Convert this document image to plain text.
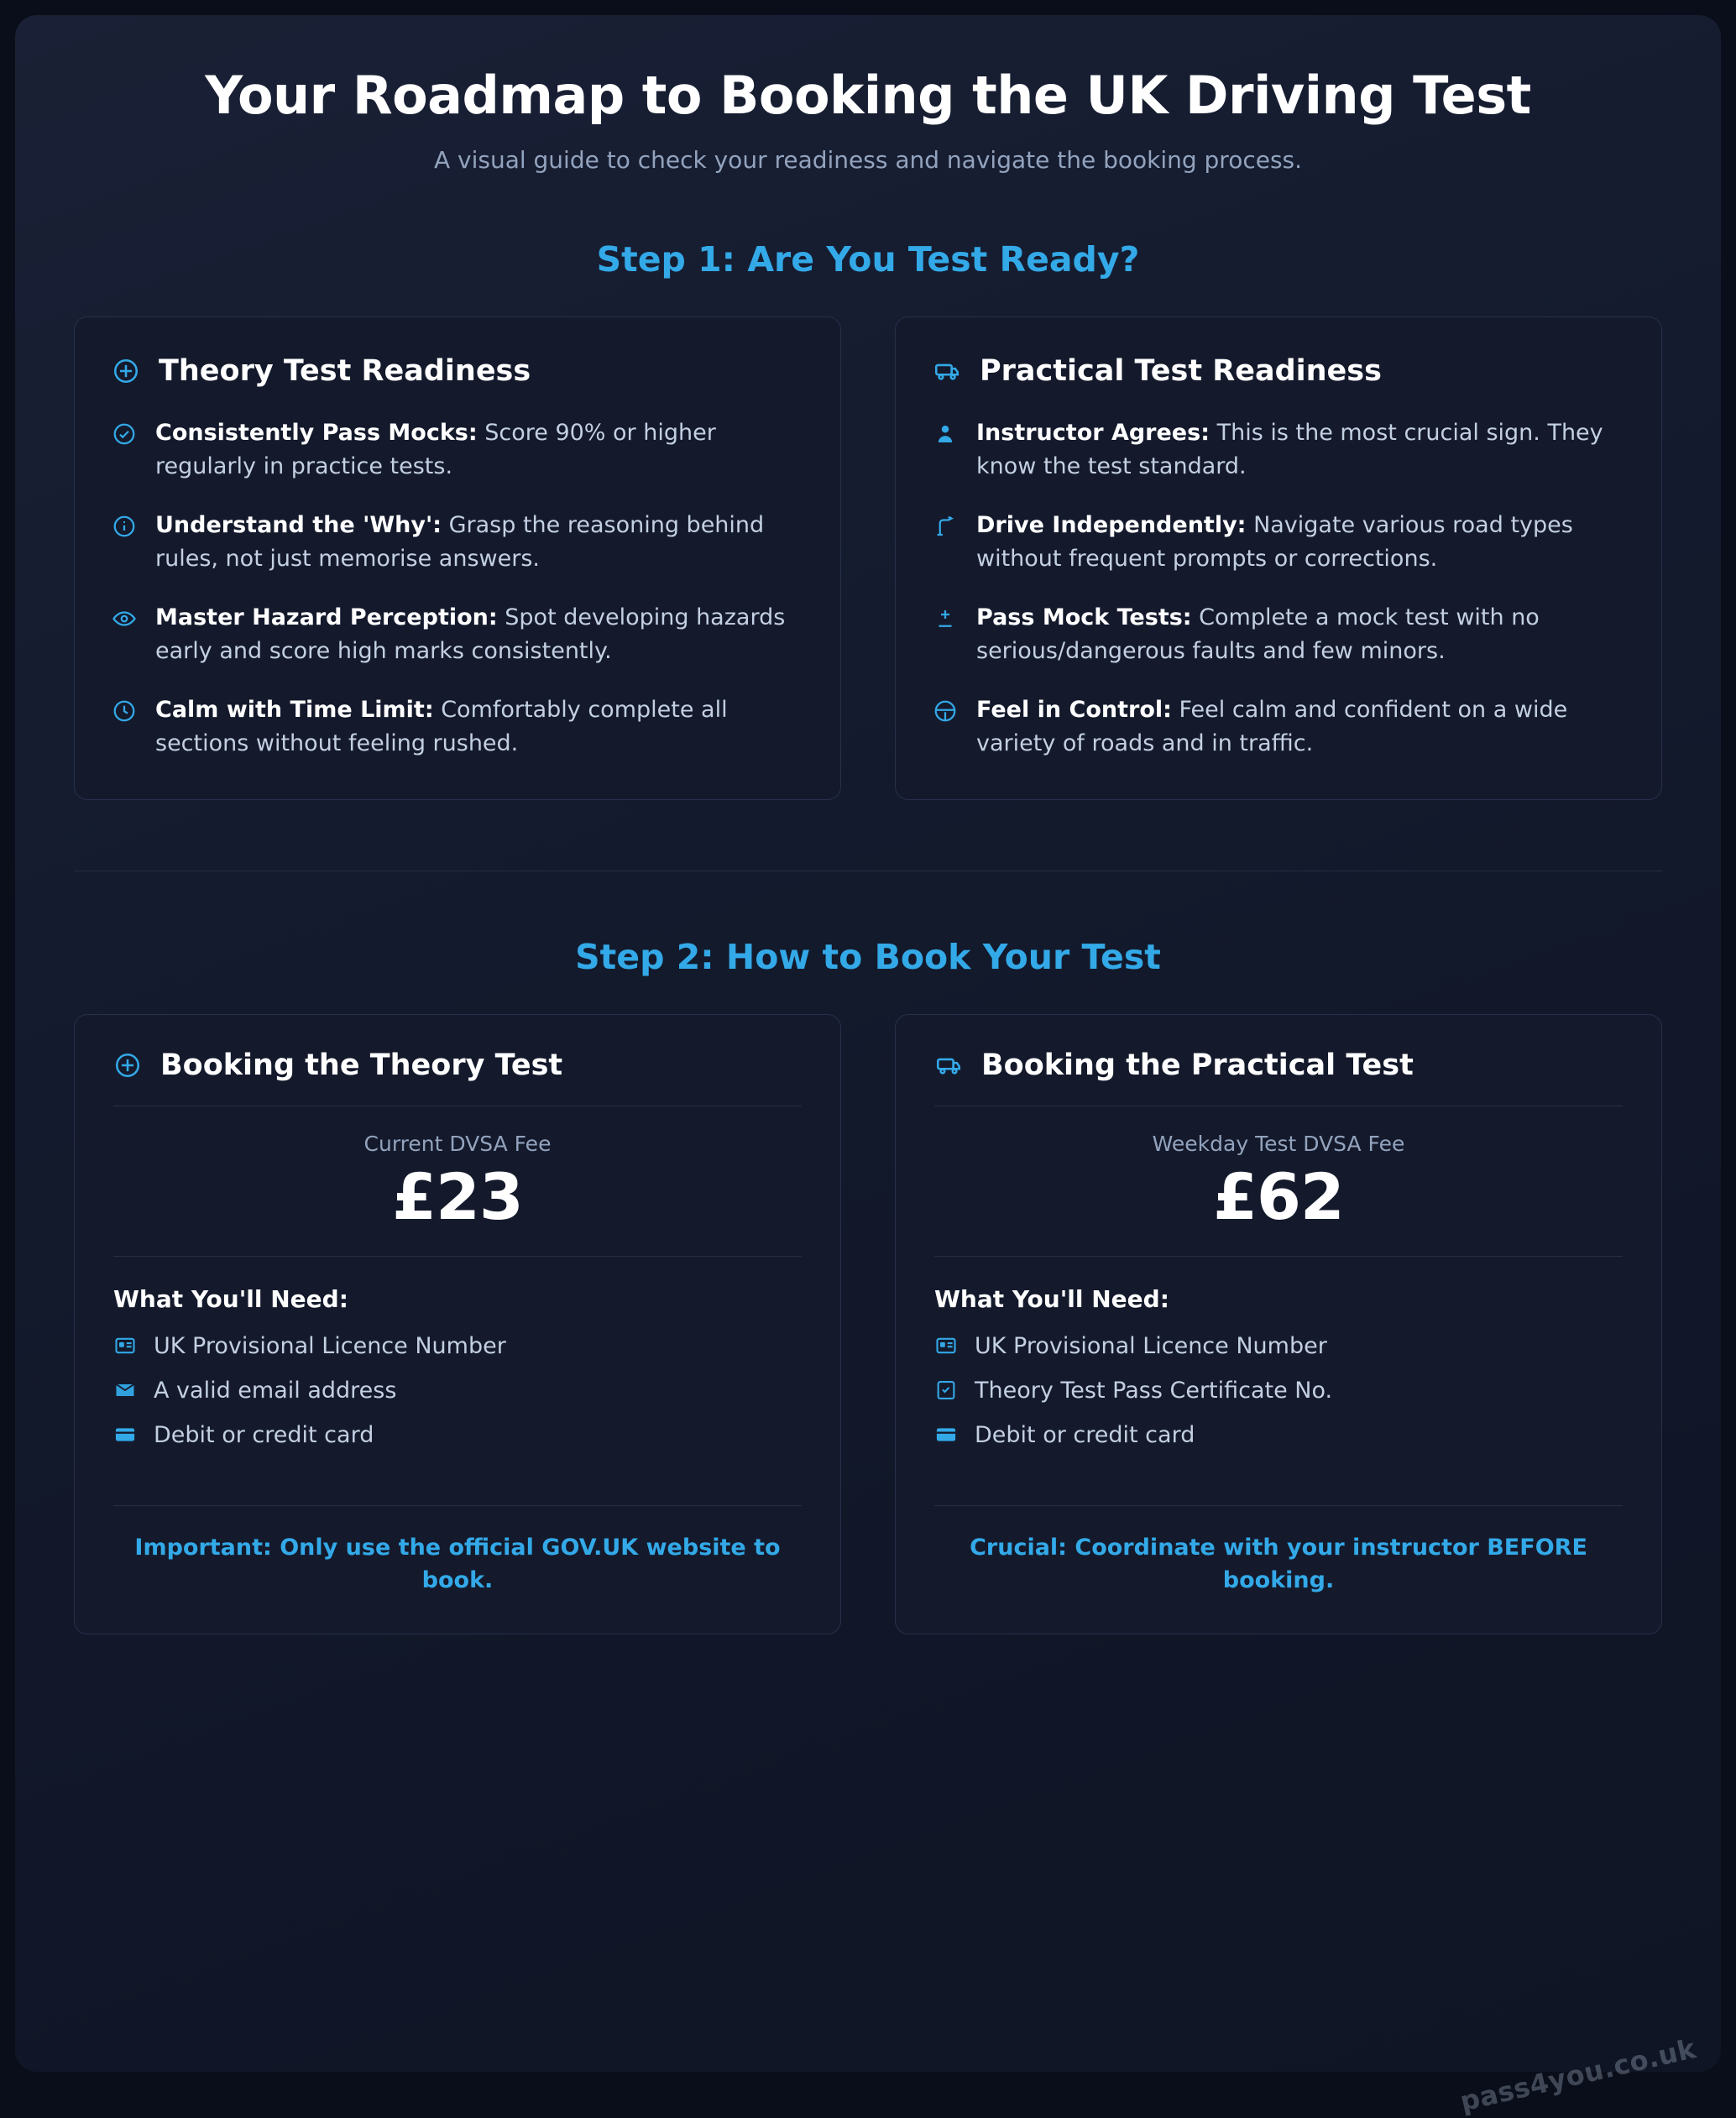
Your Roadmap to Booking the UK Driving Test

A visual guide to check your readiness and navigate the booking process.

Step 1: Are You Test Ready?
Theory Test Readiness
Consistently Pass Mocks: Score 90% or higher regularly in practice tests.
Understand the 'Why': Grasp the reasoning behind rules, not just memorise answers.
Master Hazard Perception: Spot developing hazards early and score high marks consistently.
Calm with Time Limit: Comfortably complete all sections without feeling rushed.
Practical Test Readiness
Instructor Agrees: This is the most crucial sign. They know the test standard.
Drive Independently: Navigate various road types without frequent prompts or corrections.
Pass Mock Tests: Complete a mock test with no serious/dangerous faults and few minors.
Feel in Control: Feel calm and confident on a wide variety of roads and in traffic.
Step 2: How to Book Your Test
Booking the Theory Test
Current DVSA Fee
£23
What You'll Need:
UK Provisional Licence Number
A valid email address
Debit or credit card
Important: Only use the official GOV.UK website to book.
Booking the Practical Test
Weekday Test DVSA Fee
£62
What You'll Need:
UK Provisional Licence Number
Theory Test Pass Certificate No.
Debit or credit card
Crucial: Coordinate with your instructor BEFORE booking.
pass4you.co.uk
